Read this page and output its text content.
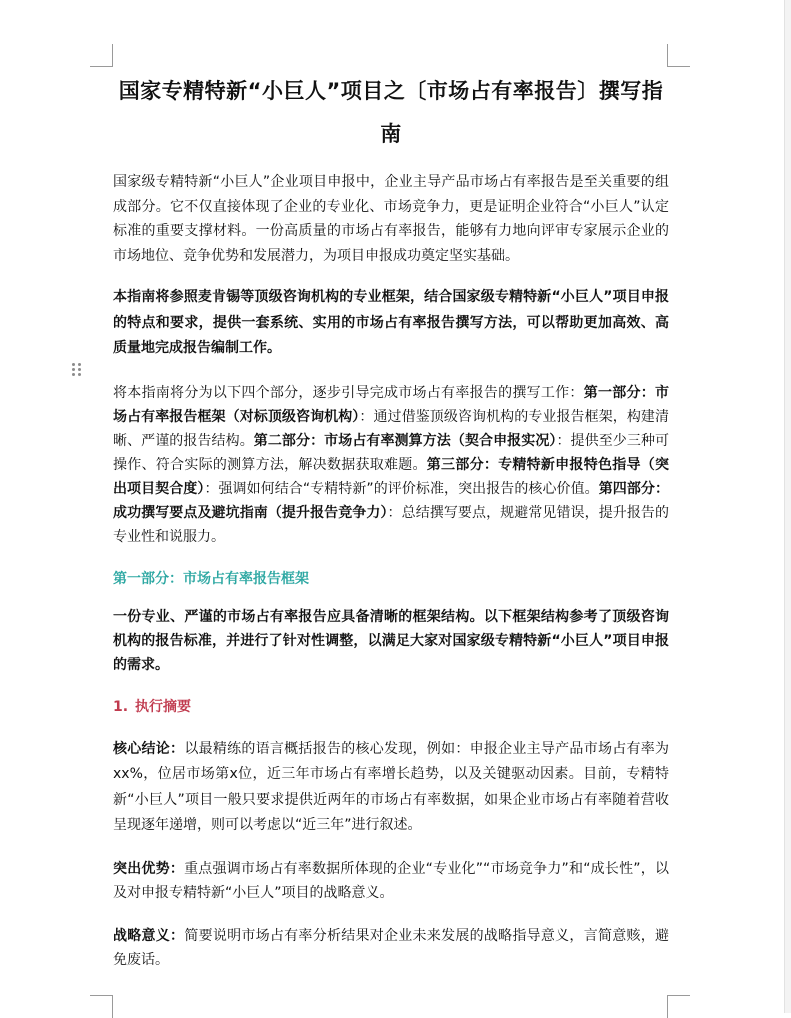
国家专精特新“小巨人”项目之〔市场占有率报告〕撰写指南

国家级专精特新“小巨人”企业项目申报中，企业主导产品市场占有率报告是至关重要的组成部分。它不仅直接体现了企业的专业化、市场竞争力，更是证明企业符合“小巨人”认定标准的重要支撑材料。一份高质量的市场占有率报告，能够有力地向评审专家展示企业的市场地位、竞争优势和发展潜力，为项目申报成功奠定坚实基础。

本指南将参照麦肯锡等顶级咨询机构的专业框架，结合国家级专精特新“小巨人”项目申报的特点和要求，提供一套系统、实用的市场占有率报告撰写方法，可以帮助更加高效、高质量地完成报告编制工作。

将本指南将分为以下四个部分，逐步引导完成市场占有率报告的撰写工作：第一部分：市场占有率报告框架（对标顶级咨询机构）：通过借鉴顶级咨询机构的专业报告框架，构建清晰、严谨的报告结构。第二部分：市场占有率测算方法（契合申报实况）：提供至少三种可操作、符合实际的测算方法，解决数据获取难题。第三部分：专精特新申报特色指导（突出项目契合度）：强调如何结合“专精特新”的评价标准，突出报告的核心价值。第四部分：成功撰写要点及避坑指南（提升报告竞争力）：总结撰写要点，规避常见错误，提升报告的专业性和说服力。

第一部分：市场占有率报告框架

一份专业、严谨的市场占有率报告应具备清晰的框架结构。以下框架结构参考了顶级咨询机构的报告标准，并进行了针对性调整，以满足大家对国家级专精特新“小巨人”项目申报的需求。

1. 执行摘要

核心结论：以最精练的语言概括报告的核心发现，例如：申报企业主导产品市场占有率为xx%，位居市场第x位，近三年市场占有率增长趋势，以及关键驱动因素。目前，专精特新“小巨人”项目一般只要求提供近两年的市场占有率数据，如果企业市场占有率随着营收呈现逐年递增，则可以考虑以“近三年”进行叙述。

突出优势：重点强调市场占有率数据所体现的企业“专业化”“市场竞争力”和“成长性”，以及对申报专精特新“小巨人”项目的战略意义。

战略意义：简要说明市场占有率分析结果对企业未来发展的战略指导意义，言简意赅，避免废话。
